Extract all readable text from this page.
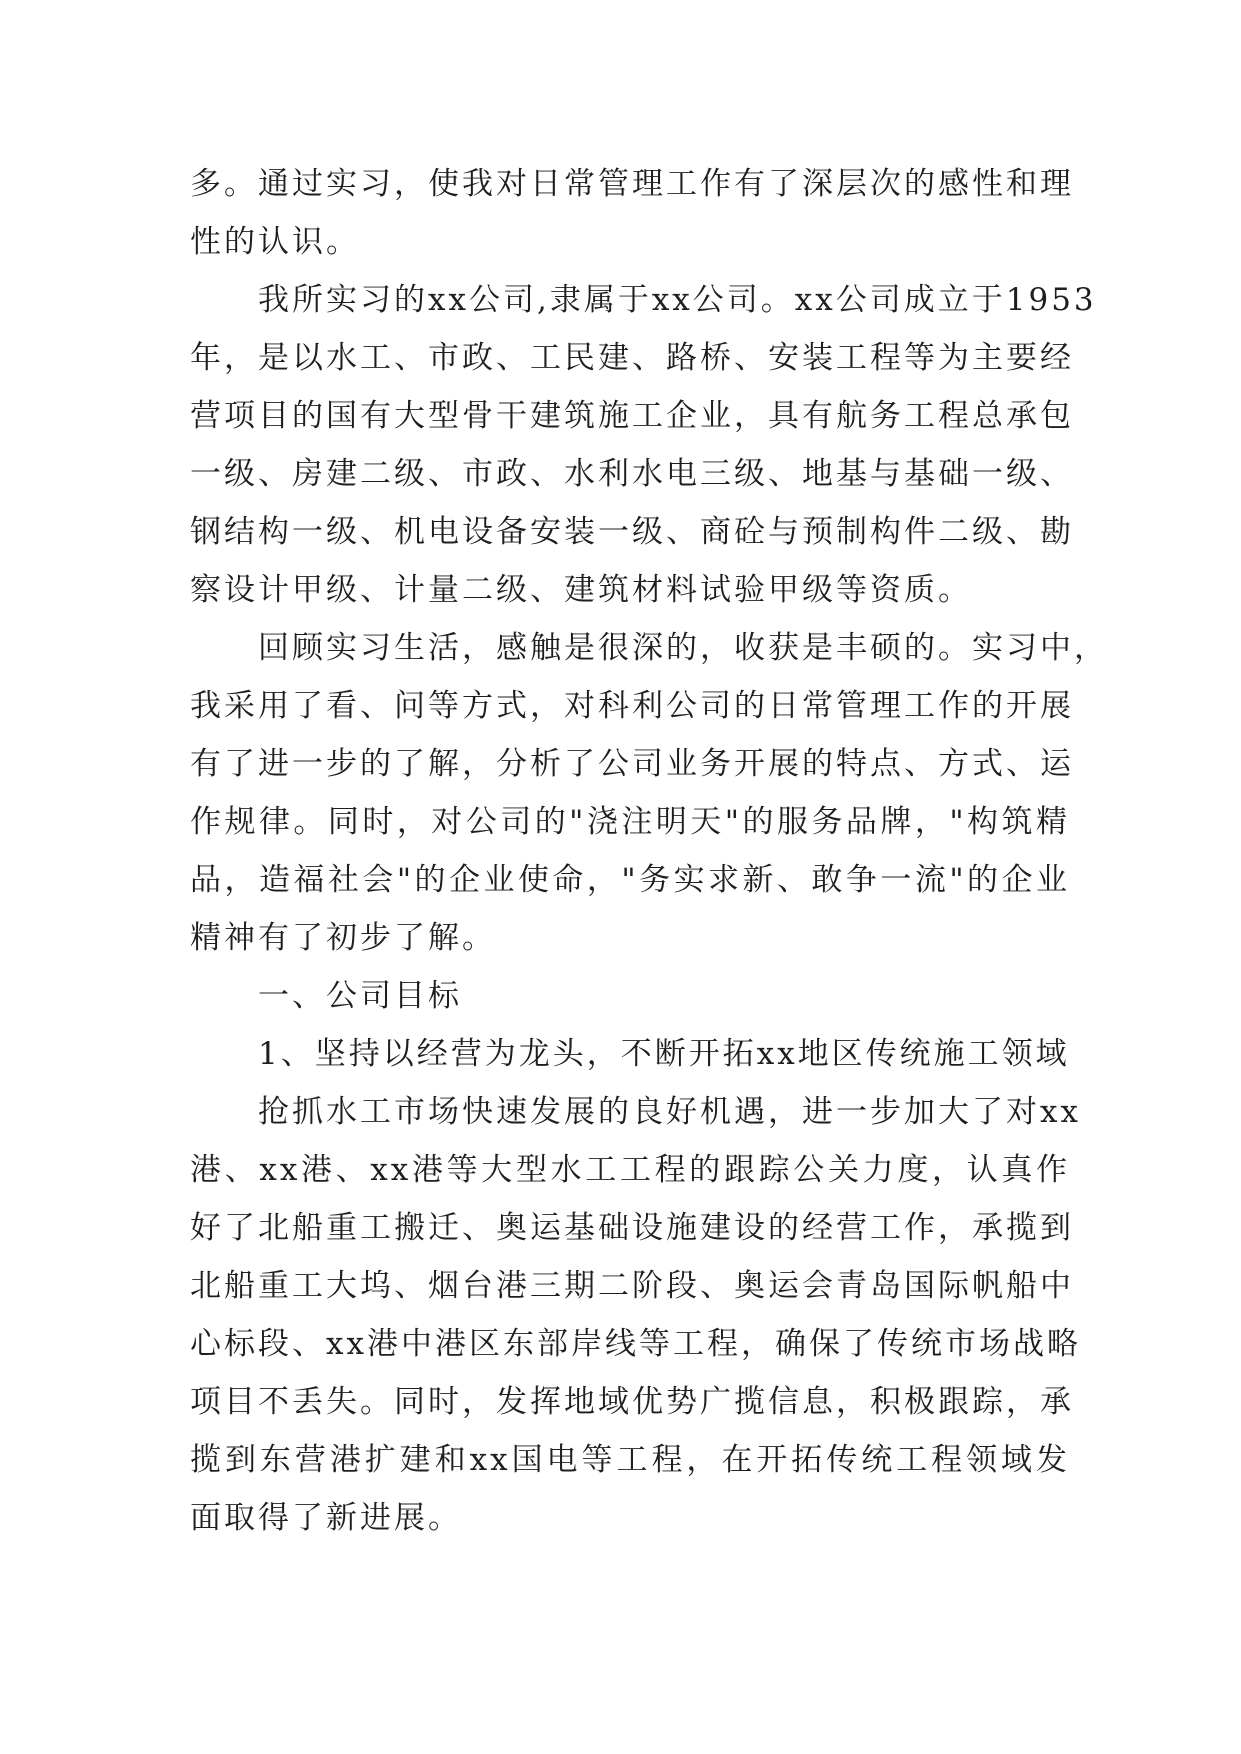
多。通过实习，使我对日常管理工作有了深层次的感性和理
性的认识。
我所实习的xx公司,隶属于xx公司。xx公司成立于1953
年，是以水工、市政、工民建、路桥、安装工程等为主要经
营项目的国有大型骨干建筑施工企业，具有航务工程总承包
一级、房建二级、市政、水利水电三级、地基与基础一级、
钢结构一级、机电设备安装一级、商砼与预制构件二级、勘
察设计甲级、计量二级、建筑材料试验甲级等资质。
回顾实习生活，感触是很深的，收获是丰硕的。实习中，
我采用了看、问等方式，对科利公司的日常管理工作的开展
有了进一步的了解，分析了公司业务开展的特点、方式、运
作规律。同时，对公司的"浇注明天"的服务品牌，"构筑精
品，造福社会"的企业使命，"务实求新、敢争一流"的企业
精神有了初步了解。
一、公司目标
1、坚持以经营为龙头，不断开拓xx地区传统施工领域
抢抓水工市场快速发展的良好机遇，进一步加大了对xx
港、xx港、xx港等大型水工工程的跟踪公关力度，认真作
好了北船重工搬迁、奥运基础设施建设的经营工作，承揽到
北船重工大坞、烟台港三期二阶段、奥运会青岛国际帆船中
心标段、xx港中港区东部岸线等工程，确保了传统市场战略
项目不丢失。同时，发挥地域优势广揽信息，积极跟踪，承
揽到东营港扩建和xx国电等工程，在开拓传统工程领域发
面取得了新进展。
